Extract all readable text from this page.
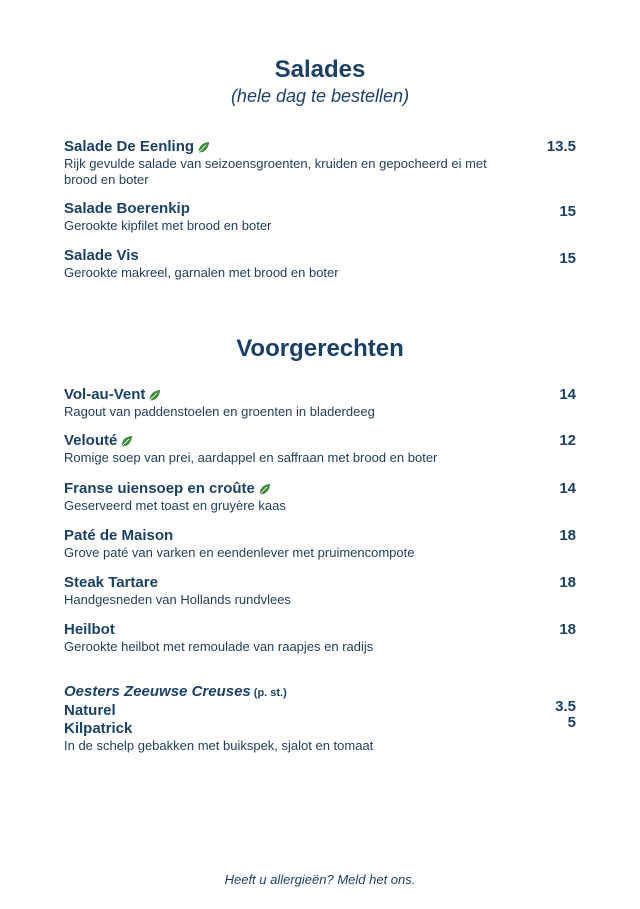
Salades
(hele dag te bestellen)
Salade De Eenling
Rijk gevulde salade van seizoensgroenten, kruiden en gepocheerd ei met brood en boter
13.5
Salade Boerenkip
Gerookte kipfilet met brood en boter
15
Salade Vis
Gerookte makreel, garnalen met brood en boter
15
Voorgerechten
Vol-au-Vent
Ragout van paddenstoelen en groenten in bladerdeeg
14
Velouté
Romige soep van prei, aardappel en saffraan met brood en boter
12
Franse uiensoep en croûte
Geserveerd met toast en gruyère kaas
14
Paté de Maison
Grove paté van varken en eendenlever met pruimencompote
18
Steak Tartare
Handgesneden van Hollands rundvlees
18
Heilbot
Gerookte heilbot met remoulade van raapjes en radijs
18
Oesters Zeeuwse Creuses (p. st.)
Naturel
Kilpatrick
In de schelp gebakken met buikspek, sjalot en tomaat
3.5
5
Heeft u allergieën? Meld het ons.
